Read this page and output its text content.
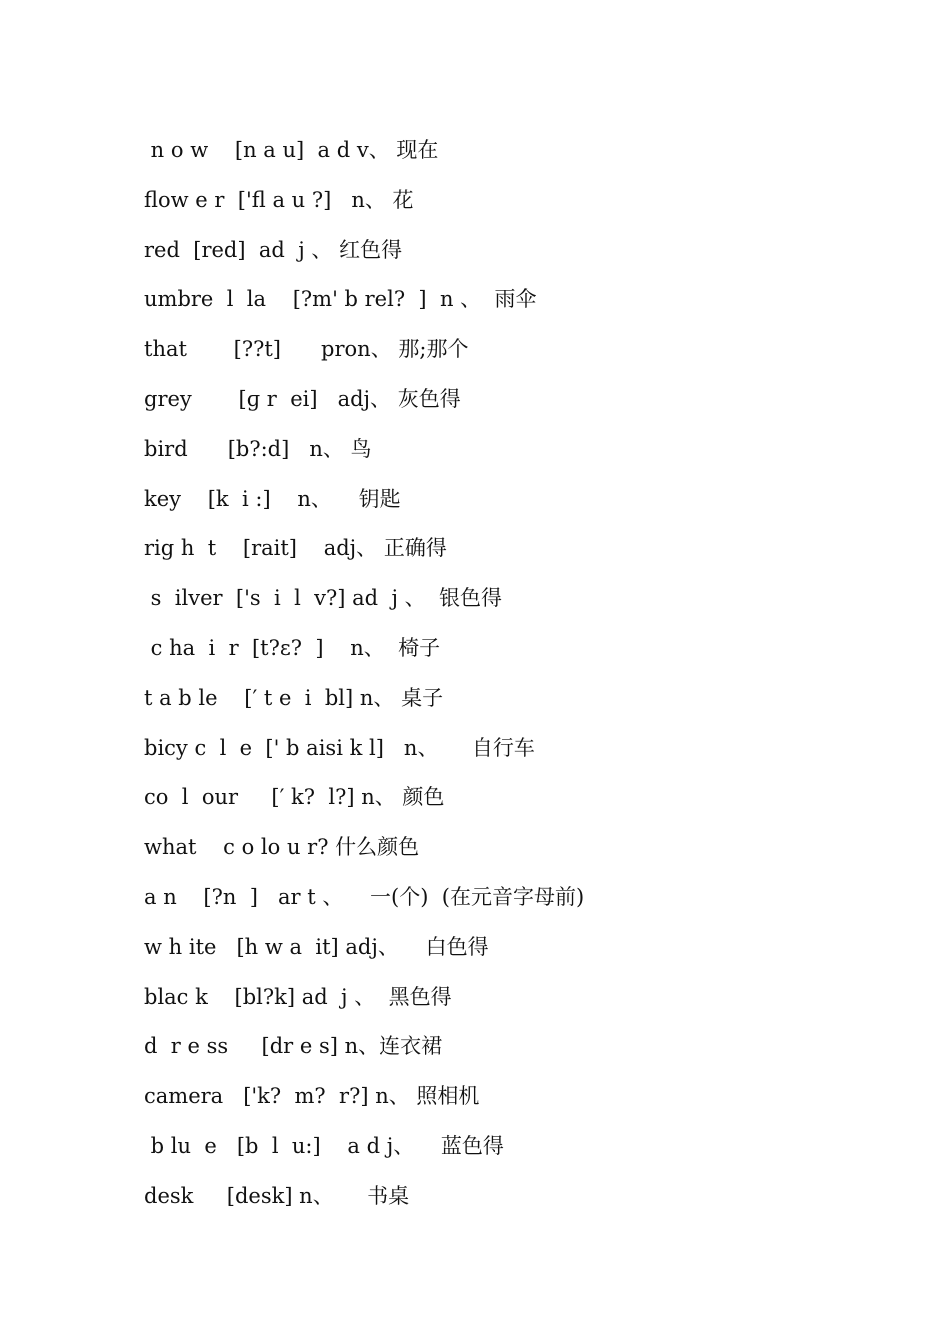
n o w    [n a u]  a d v、 现在
flow e r  ['fl a u ?]   n、 花
red  [red]  ad  j 、 红色得
umbre  l  la    [?m' b rel?  ]  n 、  雨伞
that       [??t]      pron、 那;那个
grey       [ɡ r  ei]   adj、 灰色得
bird      [b?:d]   n、 鸟
key    [k  i :]    n、    钥匙
rig h  t    [rait]    adj、 正确得
s  ilver  ['s  i  l  v?] ad  j 、  银色得
c ha  i  r  [t?ε?  ]    n、  椅子
t a b le    [′ t e  i  bl] n、 桌子
bicy c  l  e  [' b aisi k l]   n、     自行车
co  l  our     [′ k?  l?] n、 颜色
what    c o lo u r? 什么颜色
a n    [?n  ]   ar t 、    一(个)  (在元音字母前)
w h ite   [h w a  it] adj、    白色得
blac k    [bl?k] ad  j 、  黑色得
d  r e ss     [dr e s] n、连衣裙
camera   ['k?  m?  r?] n、 照相机
b lu  e   [b  l  u:]    a d j、    蓝色得
desk     [desk] n、     书桌
